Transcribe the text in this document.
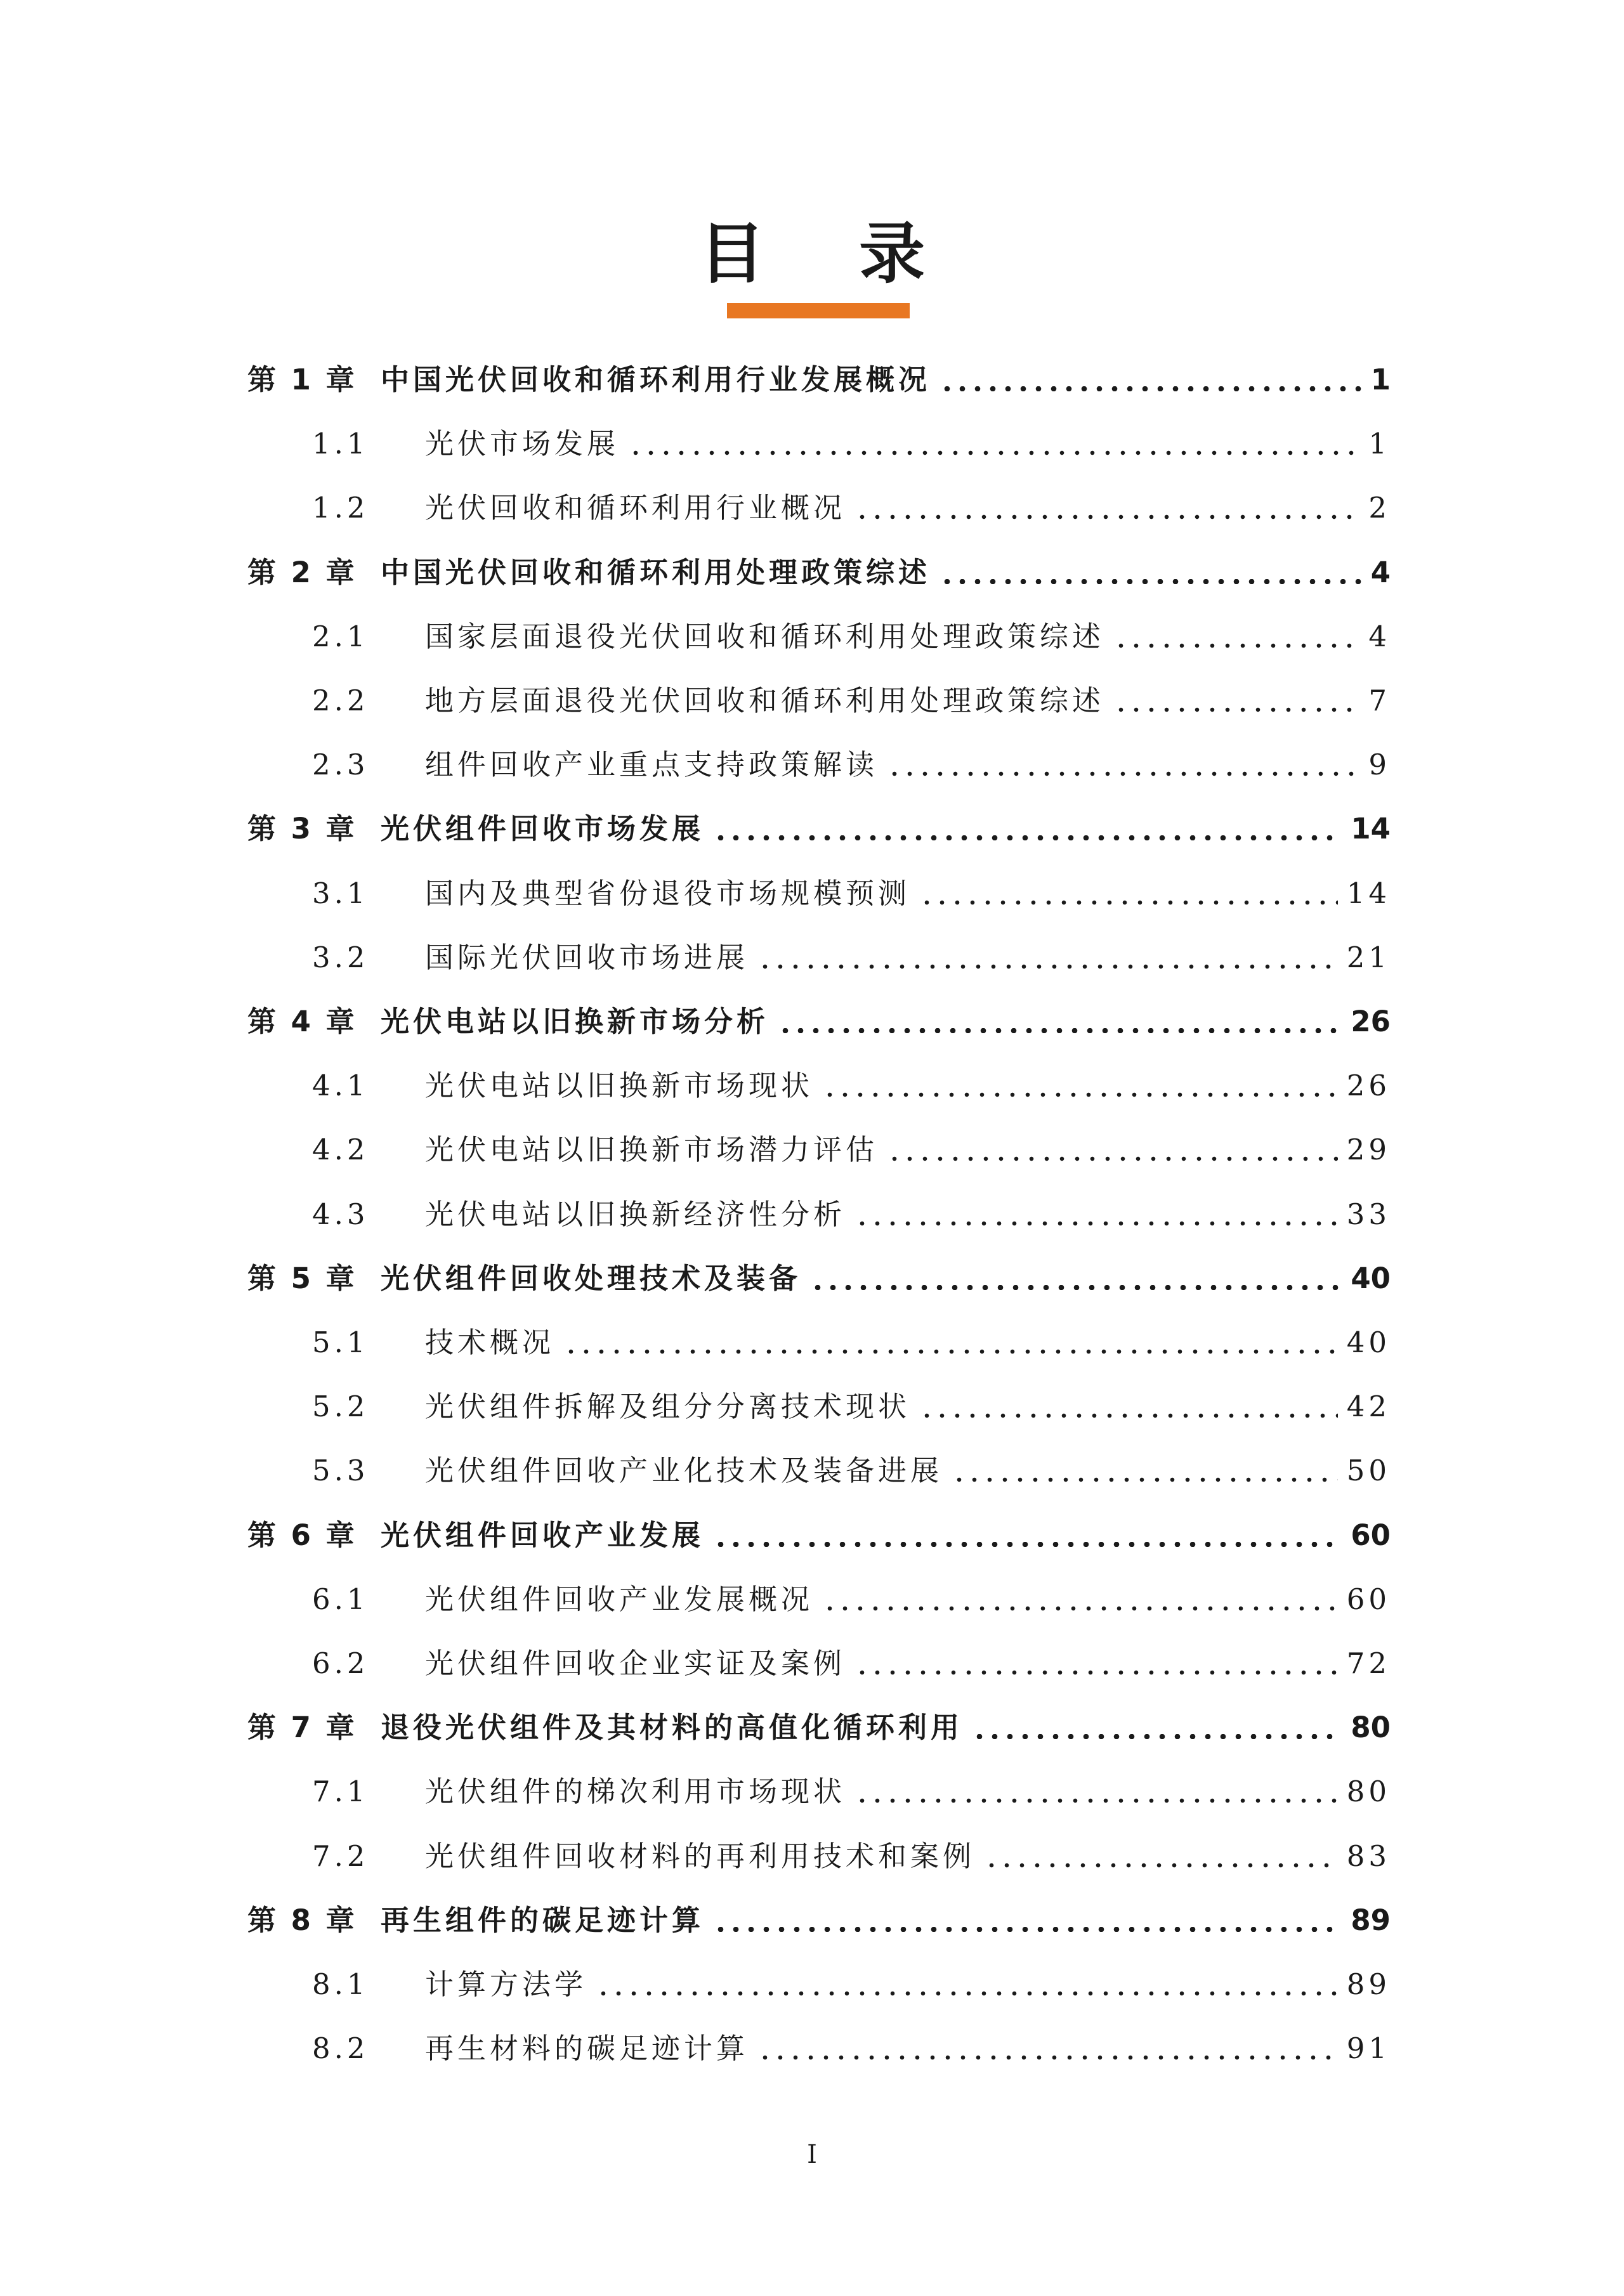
目 录
第 1 章 中国光伏回收和循环利用行业发展概况	1
1.1	光伏市场发展	1
1.2	光伏回收和循环利用行业概况	2
第 2 章 中国光伏回收和循环利用处理政策综述	4
2.1	国家层面退役光伏回收和循环利用处理政策综述	4
2.2	地方层面退役光伏回收和循环利用处理政策综述	7
2.3	组件回收产业重点支持政策解读	9
第 3 章 光伏组件回收市场发展	14
3.1	国内及典型省份退役市场规模预测	14
3.2	国际光伏回收市场进展	21
第 4 章 光伏电站以旧换新市场分析	26
4.1	光伏电站以旧换新市场现状	26
4.2	光伏电站以旧换新市场潜力评估	29
4.3	光伏电站以旧换新经济性分析	33
第 5 章 光伏组件回收处理技术及装备	40
5.1	技术概况	40
5.2	光伏组件拆解及组分分离技术现状	42
5.3	光伏组件回收产业化技术及装备进展	50
第 6 章 光伏组件回收产业发展	60
6.1	光伏组件回收产业发展概况	60
6.2	光伏组件回收企业实证及案例	72
第 7 章 退役光伏组件及其材料的高值化循环利用	80
7.1	光伏组件的梯次利用市场现状	80
7.2	光伏组件回收材料的再利用技术和案例	83
第 8 章 再生组件的碳足迹计算	89
8.1	计算方法学	89
8.2	再生材料的碳足迹计算	91
I
